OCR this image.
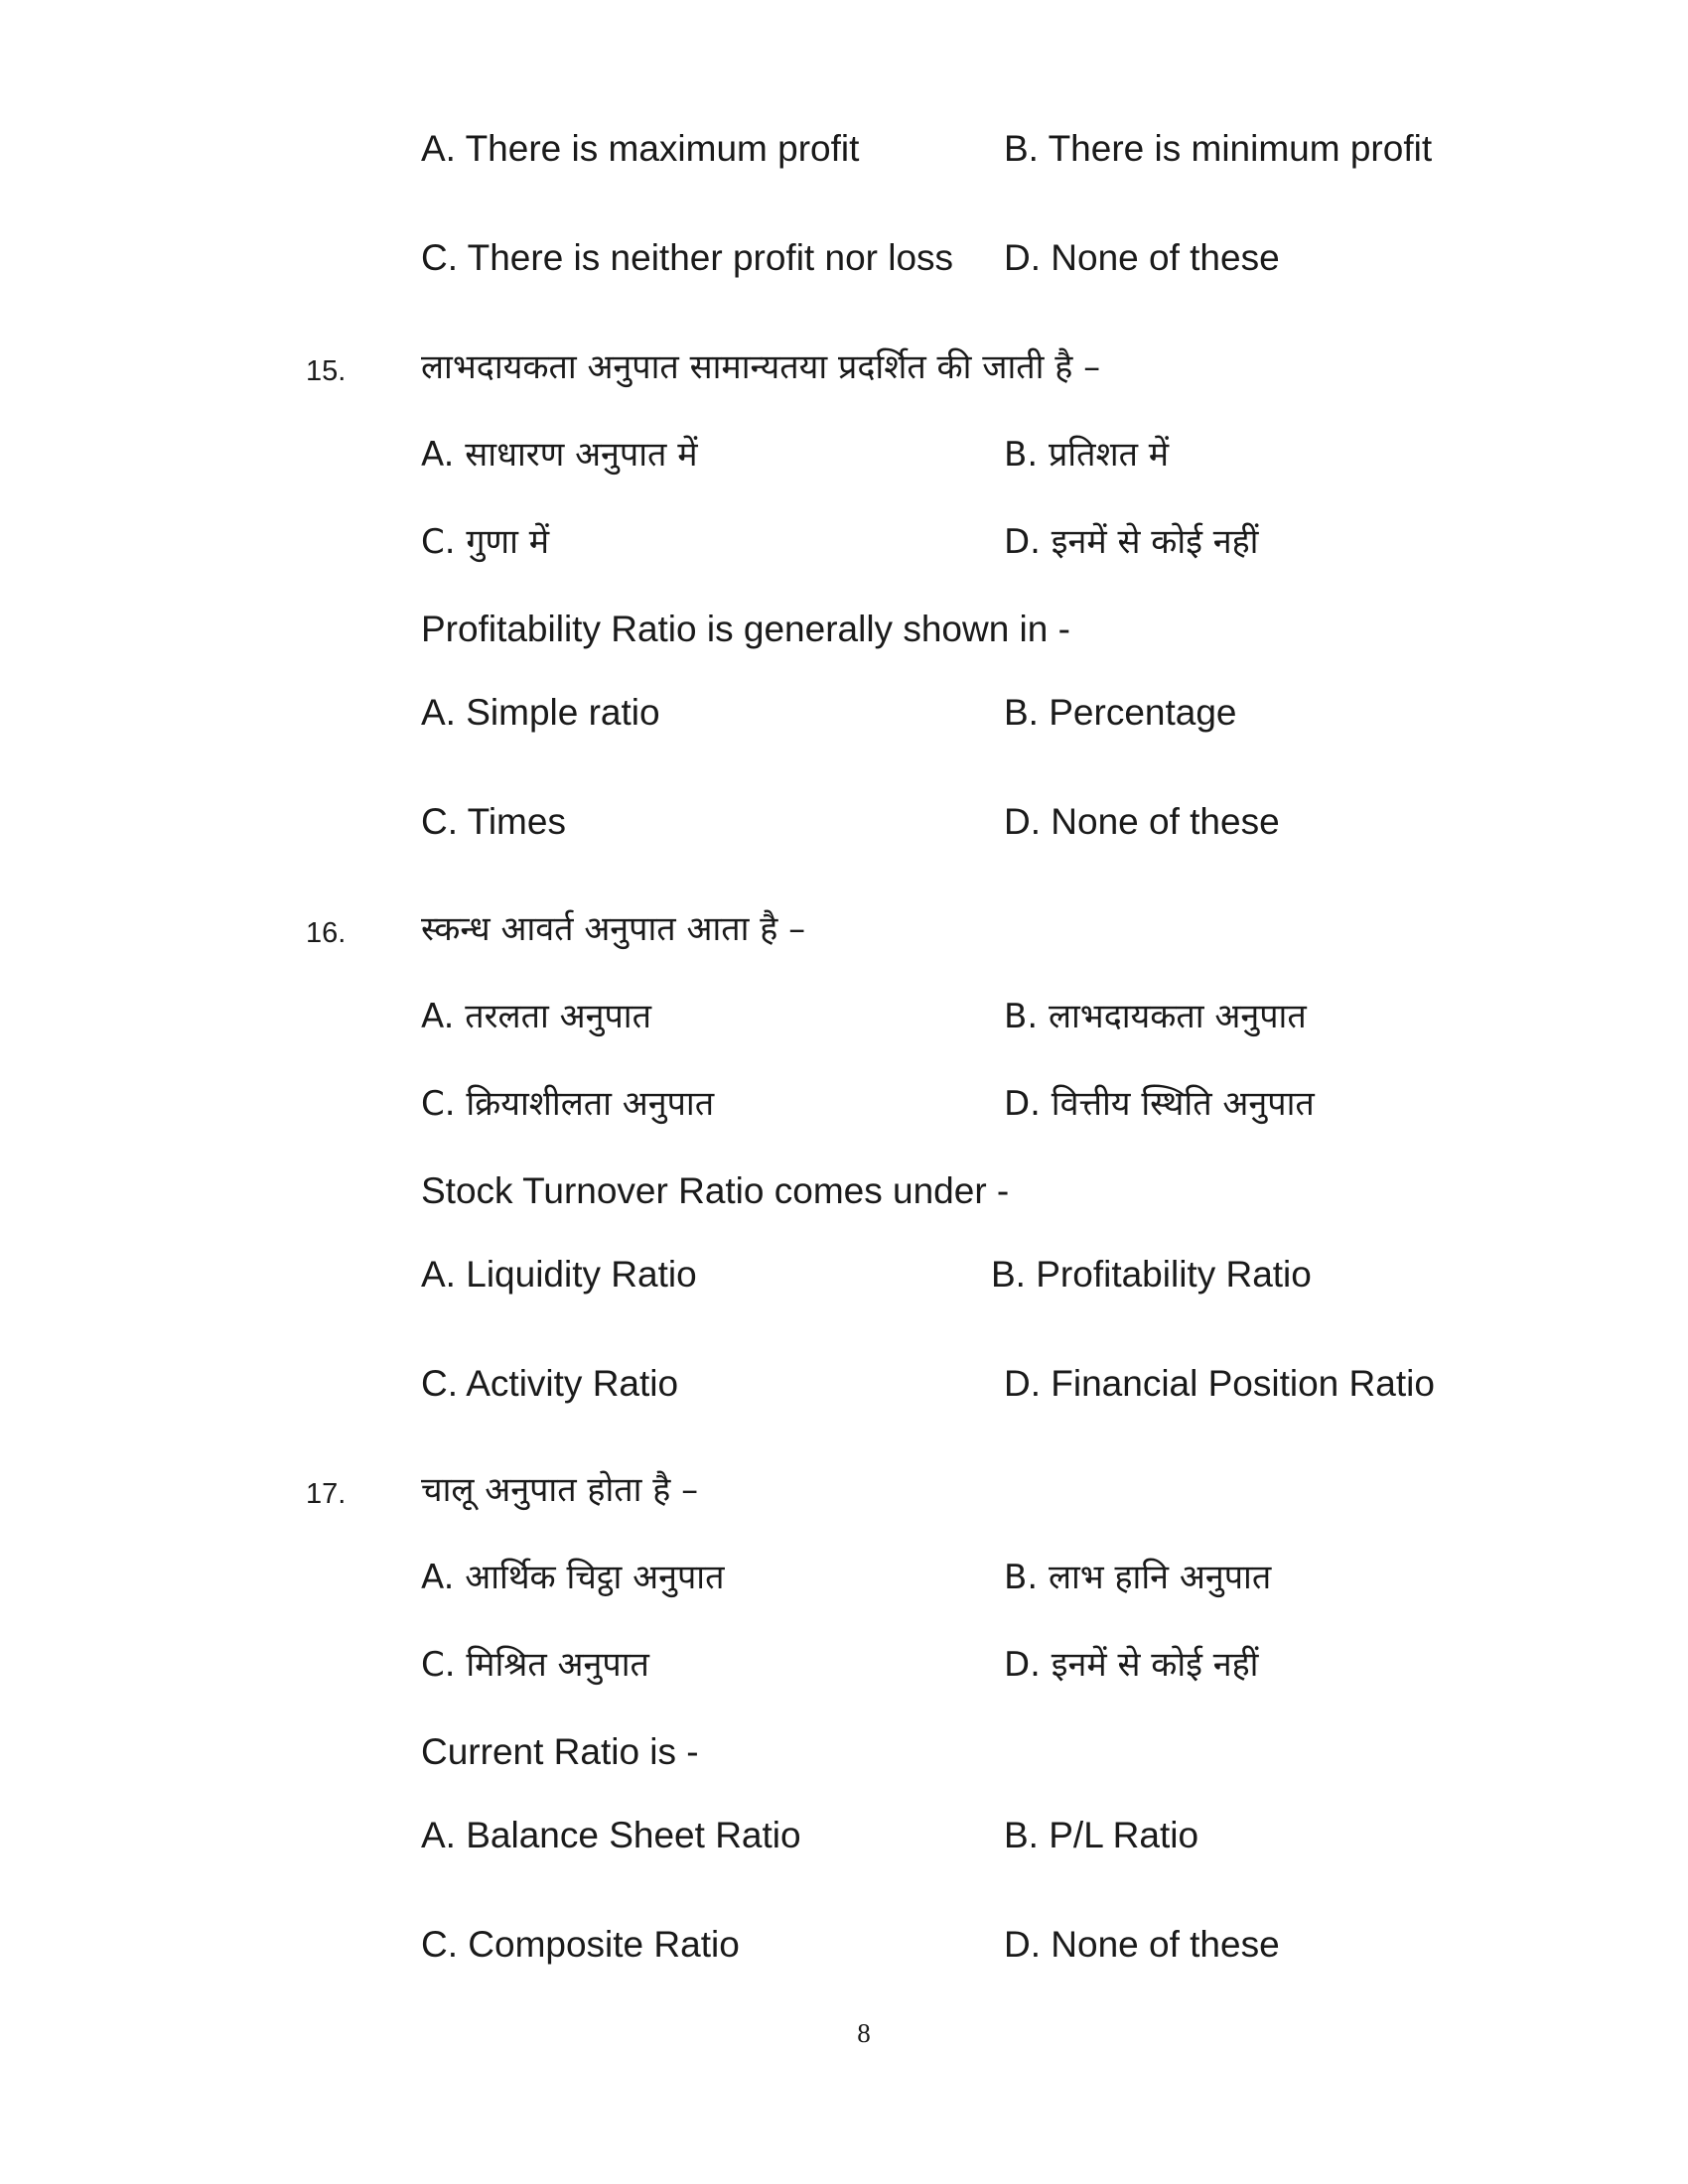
A. There is maximum profit	B. There is minimum profit
C. There is neither profit nor loss D. None of these
15. लाभदायकता अनुपात सामान्यतया प्रदर्शित की जाती है –
A. साधारण अनुपात में	B. प्रतिशत में
C. गुणा में	D. इनमें से कोई नहीं
Profitability Ratio is generally shown in -
A. Simple ratio	B. Percentage
C. Times	D. None of these
16. स्कन्ध आवर्त अनुपात आता है –
A. तरलता अनुपात	B. लाभदायकता अनुपात
C. क्रियाशीलता अनुपात	D. वित्तीय स्थिति अनुपात
Stock Turnover Ratio comes under -
A. Liquidity Ratio	B. Profitability Ratio
C. Activity Ratio	D. Financial Position Ratio
17. चालू अनुपात होता है –
A. आर्थिक चिट्ठा अनुपात	B. लाभ हानि अनुपात
C. मिश्रित अनुपात	D. इनमें से कोई नहीं
Current Ratio is -
A. Balance Sheet Ratio	B. P/L Ratio
C. Composite Ratio	D. None of these
8
